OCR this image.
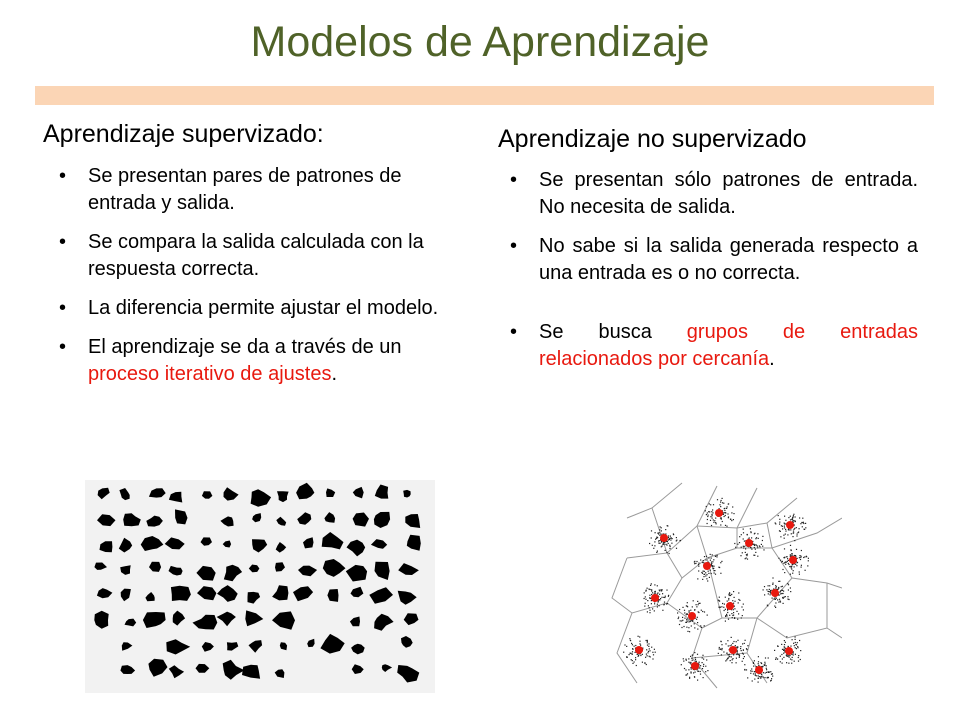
Modelos de Aprendizaje
Aprendizaje supervizado:
• Se presentan pares de patrones de entrada y salida.
• Se compara la salida calculada con la respuesta correcta.
• La diferencia permite ajustar el modelo.
• El aprendizaje se da a través de un proceso iterativo de ajustes.
Aprendizaje no supervizado
• Se presentan sólo patrones de entrada. No necesita de salida.
• No sabe si la salida generada respecto a una entrada es o no correcta.
• Se busca grupos de entradas relacionados por cercanía.
